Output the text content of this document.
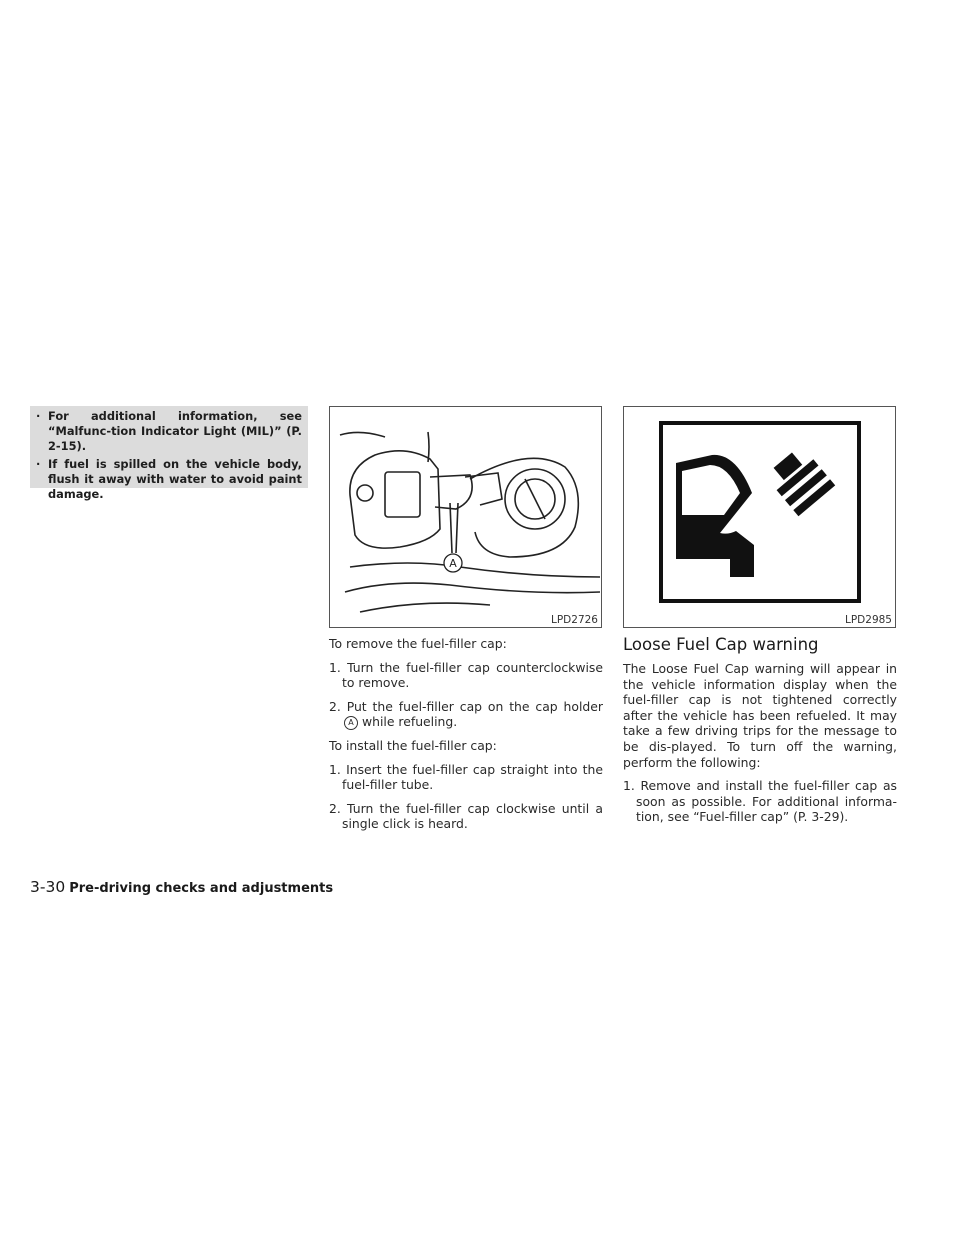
· For additional information, see “Malfunc-tion Indicator Light (MIL)” (P. 2-15).
· If fuel is spilled on the vehicle body, flush it away with water to avoid paint damage.
A
LPD2726	LPD2985

To remove the fuel-filler cap:

1. Turn the fuel-filler cap counterclockwise to remove.
2. Put the fuel-filler cap on the cap holderA while refueling.

To install the fuel-filler cap:

1. Insert the fuel-filler cap straight into the fuel-filler tube.
2. Turn the fuel-filler cap clockwise until a single click is heard.
Loose Fuel Cap warning

The Loose Fuel Cap warning will appear in the vehicle information display when the fuel-filler cap is not tightened correctly after the vehicle has been refueled. It may take a few driving trips for the message to be dis-played. To turn off the warning, perform the following:

1. Remove and install the fuel-filler cap as soon as possible. For additional informa-tion, see “Fuel-filler cap” (P. 3-29).
3-30 Pre-driving checks and adjustments
